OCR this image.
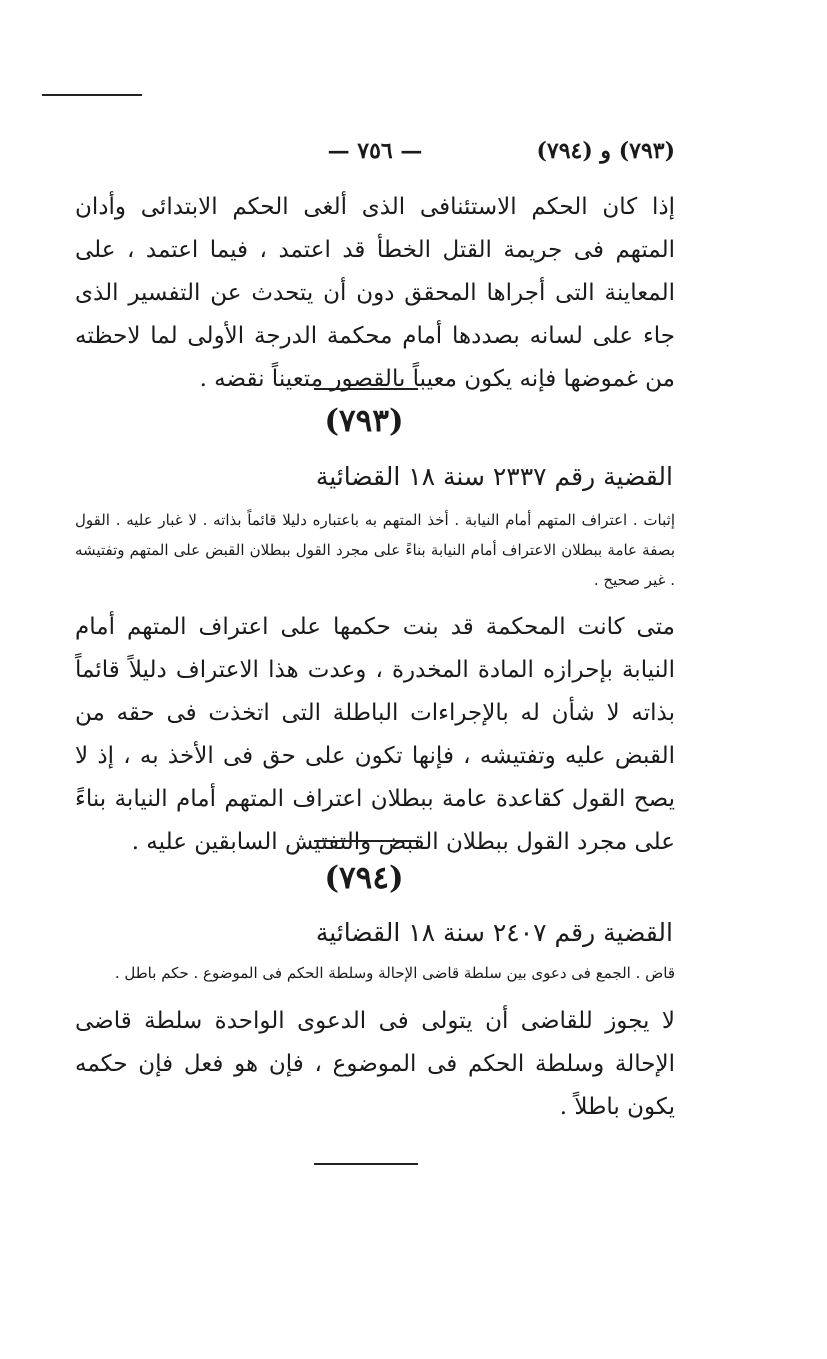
(٧٩٣) و (٧٩٤)
— ٧٥٦ —

إذا كان الحكم الاستئنافى الذى ألغى الحكم الابتدائى وأدان المتهم فى جريمة القتل الخطأ قد اعتمد ، فيما اعتمد ، على المعاينة التى أجراها المحقق دون أن يتحدث عن التفسير الذى جاء على لسانه بصددها أمام محكمة الدرجة الأولى لما لاحظته من غموضها فإنه يكون معيباً بالقصور متعيناً نقضه .

(٧٩٣)
القضية رقم ٢٣٣٧ سنة ١٨ القضائية

إثبات . اعتراف المتهم أمام النيابة . أخذ المتهم به باعتباره دليلا قائماً بذاته . لا غبار عليه . القول بصفة عامة ببطلان الاعتراف أمام النيابة بناءً على مجرد القول ببطلان القبض على المتهم وتفتيشه . غير صحيح .

متى كانت المحكمة قد بنت حكمها على اعتراف المتهم أمام النيابة بإحرازه المادة المخدرة ، وعدت هذا الاعتراف دليلاً قائماً بذاته لا شأن له بالإجراءات الباطلة التى اتخذت فى حقه من القبض عليه وتفتيشه ، فإنها تكون على حق فى الأخذ به ، إذ لا يصح القول كقاعدة عامة ببطلان اعتراف المتهم أمام النيابة بناءً على مجرد القول ببطلان القبض والتفتيش السابقين عليه .

(٧٩٤)
القضية رقم ٢٤٠٧ سنة ١٨ القضائية

قاض . الجمع فى دعوى بين سلطة قاضى الإحالة وسلطة الحكم فى الموضوع . حكم باطل .

لا يجوز للقاضى أن يتولى فى الدعوى الواحدة سلطة قاضى الإحالة وسلطة الحكم فى الموضوع ، فإن هو فعل فإن حكمه يكون باطلاً .
